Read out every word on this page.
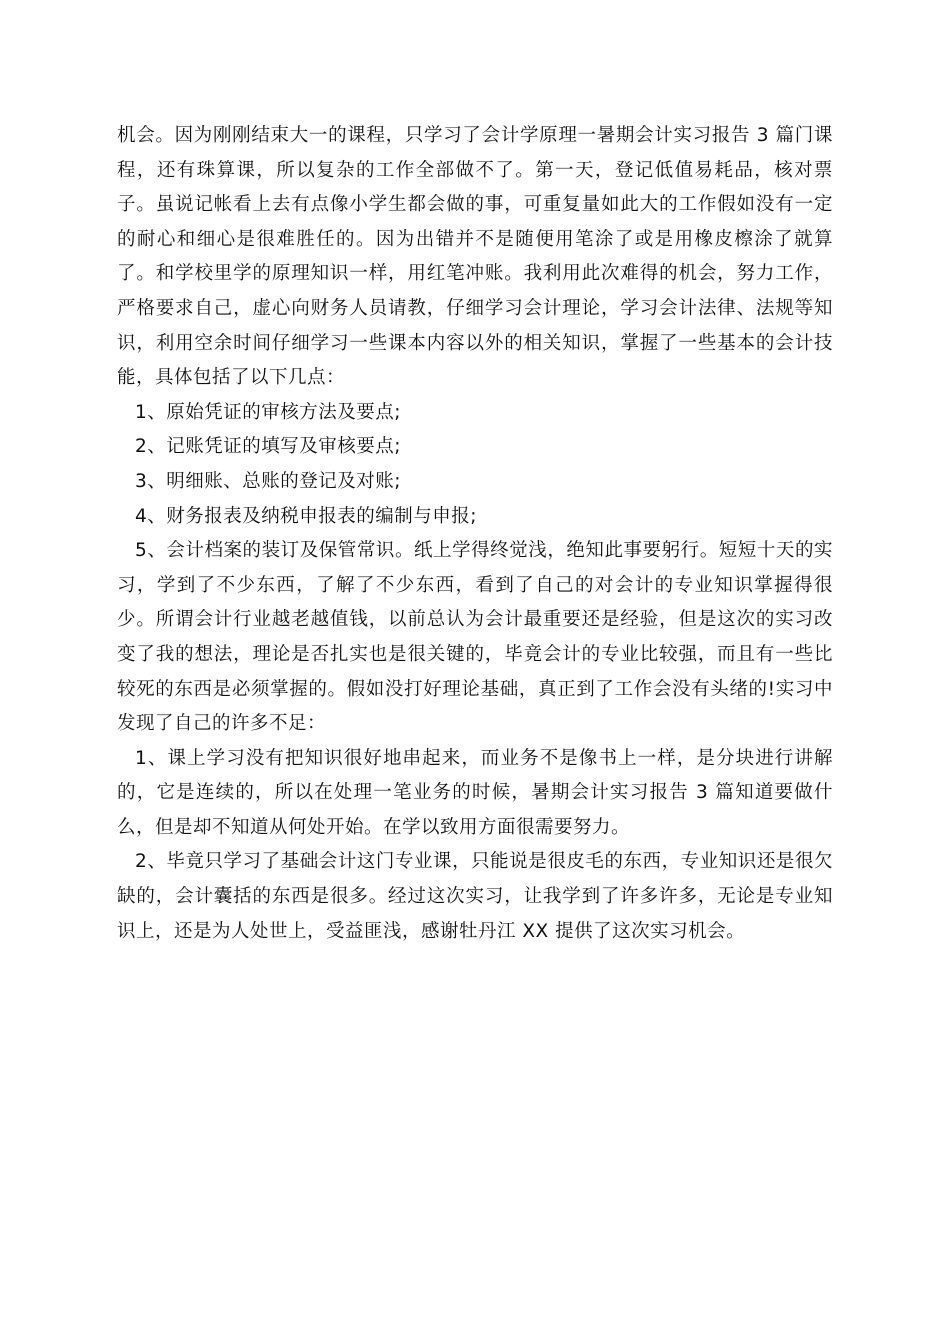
机会。因为刚刚结束大一的课程，只学习了会计学原理一暑期会计实习报告 3 篇门课程，还有珠算课，所以复杂的工作全部做不了。第一天，登记低值易耗品，核对票子。虽说记帐看上去有点像小学生都会做的事，可重复量如此大的工作假如没有一定的耐心和细心是很难胜任的。因为出错并不是随便用笔涂了或是用橡皮檫涂了就算了。和学校里学的原理知识一样，用红笔冲账。我利用此次难得的机会，努力工作，严格要求自己，虚心向财务人员请教，仔细学习会计理论，学习会计法律、法规等知识，利用空余时间仔细学习一些课本内容以外的相关知识，掌握了一些基本的会计技能，具体包括了以下几点：

1、原始凭证的审核方法及要点;

2、记账凭证的填写及审核要点;

3、明细账、总账的登记及对账;

4、财务报表及纳税申报表的编制与申报;

5、会计档案的装订及保管常识。纸上学得终觉浅，绝知此事要躬行。短短十天的实习，学到了不少东西，了解了不少东西，看到了自己的对会计的专业知识掌握得很少。所谓会计行业越老越值钱，以前总认为会计最重要还是经验，但是这次的实习改变了我的想法，理论是否扎实也是很关键的，毕竟会计的专业比较强，而且有一些比较死的东西是必须掌握的。假如没打好理论基础，真正到了工作会没有头绪的!实习中发现了自己的许多不足：

1、课上学习没有把知识很好地串起来，而业务不是像书上一样，是分块进行讲解的，它是连续的，所以在处理一笔业务的时候，暑期会计实习报告 3 篇知道要做什么，但是却不知道从何处开始。在学以致用方面很需要努力。

2、毕竟只学习了基础会计这门专业课，只能说是很皮毛的东西，专业知识还是很欠缺的，会计囊括的东西是很多。经过这次实习，让我学到了许多许多，无论是专业知识上，还是为人处世上，受益匪浅，感谢牡丹江 XX 提供了这次实习机会。
